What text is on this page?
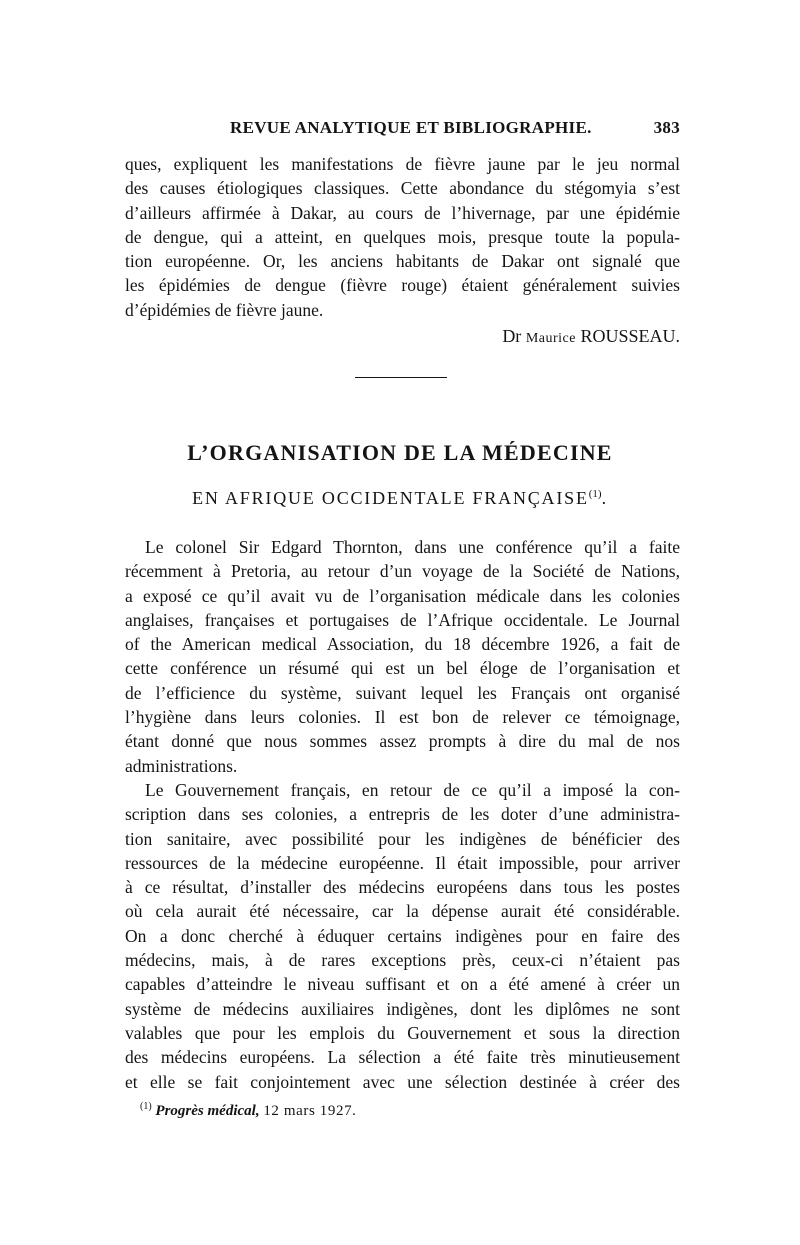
REVUE ANALYTIQUE ET BIBLIOGRAPHIE.	383
ques, expliquent les manifestations de fièvre jaune par le jeu normal
des causes étiologiques classiques. Cette abondance du stégomyia s’est
d’ailleurs affirmée à Dakar, au cours de l’hivernage, par une épidémie
de dengue, qui a atteint, en quelques mois, presque toute la popula-
tion européenne. Or, les anciens habitants de Dakar ont signalé que
les épidémies de dengue (fièvre rouge) étaient généralement suivies
d’épidémies de fièvre jaune.
Dr Maurice ROUSSEAU.
L’ORGANISATION DE LA MÉDECINE
EN AFRIQUE OCCIDENTALE FRANÇAISE$^{(1)}$.
Le colonel Sir Edgard Thornton, dans une conférence qu’il a faite
récemment à Pretoria, au retour d’un voyage de la Société de Nations,
a exposé ce qu’il avait vu de l’organisation médicale dans les colonies
anglaises, françaises et portugaises de l’Afrique occidentale. Le Journal
of the American medical Association, du 18 décembre 1926, a fait de
cette conférence un résumé qui est un bel éloge de l’organisation et
de l’efficience du système, suivant lequel les Français ont organisé
l’hygiène dans leurs colonies. Il est bon de relever ce témoignage,
étant donné que nous sommes assez prompts à dire du mal de nos
administrations.
Le Gouvernement français, en retour de ce qu’il a imposé la con-
scription dans ses colonies, a entrepris de les doter d’une administra-
tion sanitaire, avec possibilité pour les indigènes de bénéficier des
ressources de la médecine européenne. Il était impossible, pour arriver
à ce résultat, d’installer des médecins européens dans tous les postes
où cela aurait été nécessaire, car la dépense aurait été considérable.
On a donc cherché à éduquer certains indigènes pour en faire des
médecins, mais, à de rares exceptions près, ceux-ci n’étaient pas
capables d’atteindre le niveau suffisant et on a été amené à créer un
système de médecins auxiliaires indigènes, dont les diplômes ne sont
valables que pour les emplois du Gouvernement et sous la direction
des médecins européens. La sélection a été faite très minutieusement
et elle se fait conjointement avec une sélection destinée à créer des
$^{(1)}$ Progrès médical, 12 mars 1927.
